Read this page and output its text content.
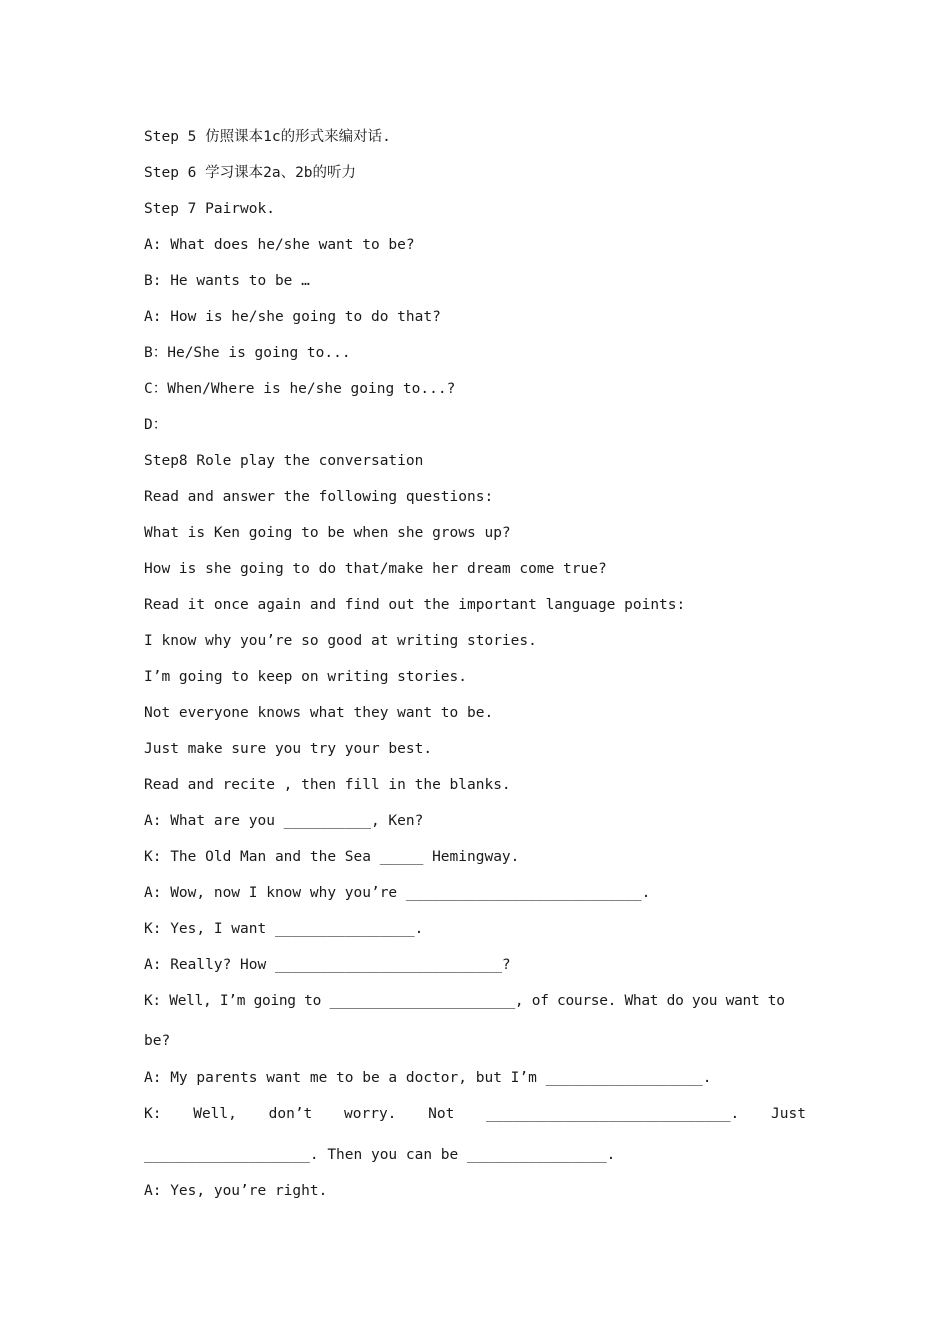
Step 5 仿照课本1c的形式来编对话.
Step 6 学习课本2a、2b的听力
Step 7 Pairwok.
A: What does he/she want to be?
B: He wants to be …
A: How is he/she going to do that?
B：He/She is going to...
C：When/Where is he/she going to...?
D：
Step8 Role play the conversation
Read and answer the following questions:
What is Ken going to be when she grows up?
How is she going to do that/make her dream come true?
Read it once again and find out the important language points:
I know why you’re so good at writing stories.
I’m going to keep on writing stories.
Not everyone knows what they want to be.
Just make sure you try your best.
Read and recite , then fill in the blanks.
A: What are you __________, Ken?
K: The Old Man and the Sea _____ Hemingway.
A: Wow, now I know why you’re ___________________________.
K: Yes, I want ________________.
A: Really? How __________________________?
K: Well, I’m going to ______________________, of course. What do you want to
be?
A: My parents want me to be a doctor, but I’m __________________.
K: Well, don’t worry. Not ____________________________. Just
___________________. Then you can be ________________.
A: Yes, you’re right.
